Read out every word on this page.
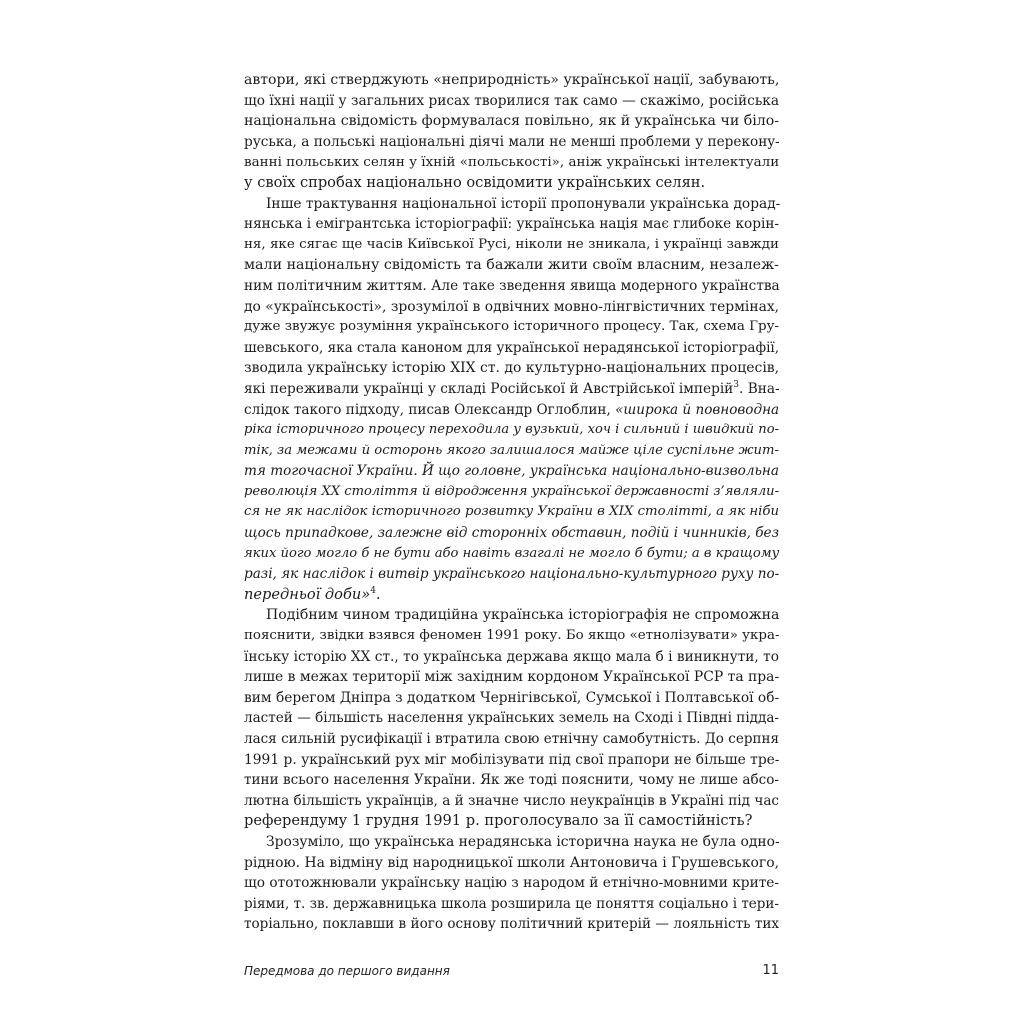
автори, які стверджують «неприродність» української нації, забувають,
що їхні нації у загальних рисах творилися так само — скажімо, російська
національна свідомість формувалася повільно, як й українська чи біло-
руська, а польські національні діячі мали не менші проблеми у переконy-
ванні польських селян у їхній «польськості», аніж українські інтелектуали
у своїх спробах національно освідомити українських селян.
Інше трактування національної історії пропонували українська дорад-
нянська і емігрантська історіографії: українська нація має глибоке корін-
ня, яке сягає ще часів Київської Русі, ніколи не зникала, і українці завжди
мали національну свідомість та бажали жити своїм власним, незалеж-
ним політичним життям. Але таке зведення явища модерного українства
до «українськості», зрозумілої в одвічних мовно-лінгвістичних термінах,
дуже звужує розуміння українського історичного процесу. Так, схема Гру-
шевського, яка стала каноном для української нерадянської історіографії,
зводила українську історію XIX ст. до культурно-національних процесів,
які переживали українці у складі Російської й Австрійської імперій$^3$. Вна-
слідок такого підходу, писав Олександр Оглоблин, «широка й повноводна
ріка історичного процесу переходила у вузький, хоч і сильний і швидкий по-
тік, за межами й осторонь якого залишалося майже ціле суспільне жит-
тя тогочасної України. Й що головне, українська національно-визвольна
революція XX століття й відродження української державності з’являли-
ся не як наслідок історичного розвитку України в XIX столітті, а як ніби
щось припадкове, залежне від сторонніх обставин, подій і чинників, без
яких його могло б не бути або навіть взагалі не могло б бути; а в кращому
разі, як наслідок і витвір українського національно-культурного руху по-
передньої доби»$^4$.
Подібним чином традиційна українська історіографія не спроможна
пояснити, звідки взявся феномен 1991 року. Бо якщо «етнолізувати» укра-
їнську історію XX ст., то українська держава якщо мала б і виникнути, то
лише в межах території між західним кордоном Української РСР та пра-
вим берегом Дніпра з додатком Чернігівської, Сумської і Полтавської об-
ластей — більшість населення українських земель на Сході і Півдні підда-
лася сильній русифікації і втратила свою етнічну самобутність. До серпня
1991 р. український рух міг мобілізувати під свої прапори не більше тре-
тини всього населення України. Як же тоді пояснити, чому не лише абсо-
лютна більшість українців, а й значне число неукраїнців в Україні під час
референдуму 1 грудня 1991 р. проголосувало за її самостійність?
Зрозуміло, що українська нерадянська історична наука не була одно-
рідною. На відміну від народницької школи Антоновича і Грушевського,
що ототожнювали українську націю з народом й етнічно-мовними крите-
ріями, т. зв. державницька школа розширила це поняття соціально і тери-
торіально, поклавши в його основу політичний критерій — лояльність тих
Передмова до першого видання	11
